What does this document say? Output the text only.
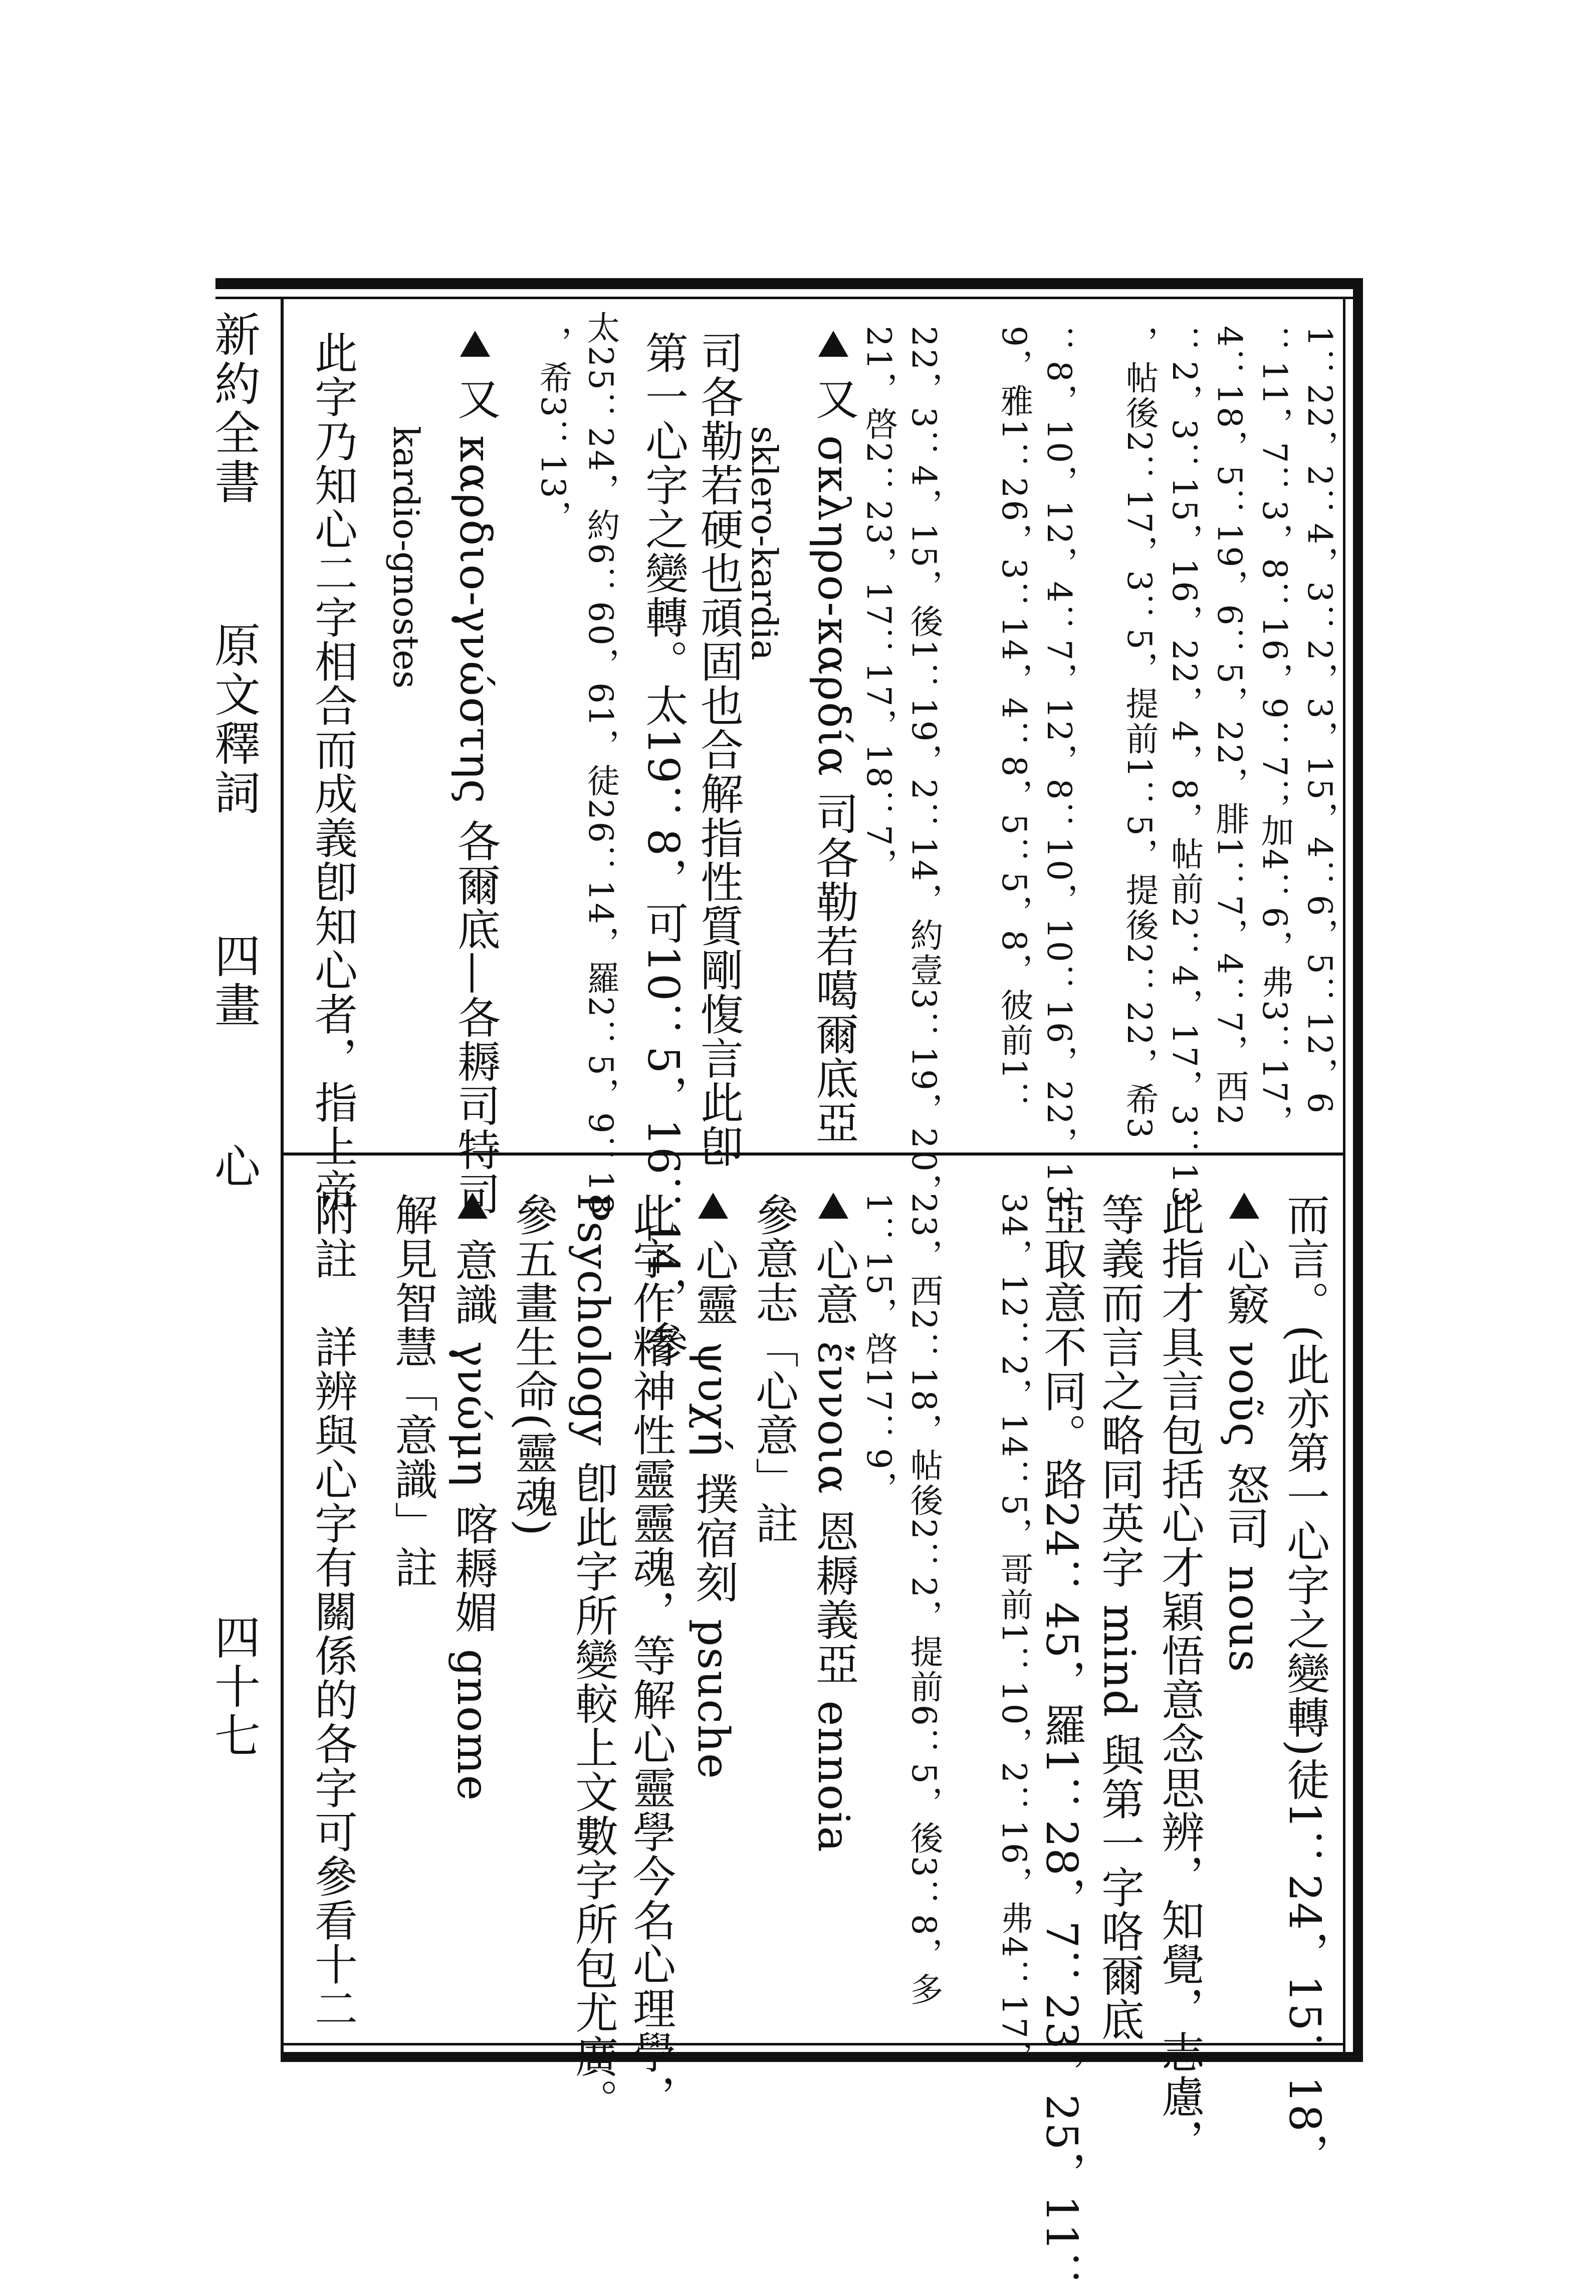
新約全書
原文釋詞
四畫
心
四十七
1：22，2：4，3：2，3，15，4：6，5：12，6
：11，7：3，8：16，9：7；加4：6，弗3：17，
4：18，5：19，6：5，22，腓1：7，4：7，西2
：2，3：15，16，22，4，8，帖前2：4，17，3：13
，帖後2：17，3：5，提前1：5，提後2：22，希3
：8，10，12，4：7，12，8：10，10：16，22，13：
9，雅1：26，3：14，4：8，5：5，8，彼前1：
22，3：4，15，後1：19，2：14，約壹3：19，20，
21，啓2：23，17：17，18：7，
又 σκληρο-καρδία 司各勒若噶爾底亞
sklero-kardia
司各勒若硬也頑固也合解指性質剛愎言此卽
第一心字之變轉。太19：8，可10：5，16：14，參
太25：24，約6：60，61，徒26：14，羅2：5，9：18
，希3：13，
又 καρδιο-γνώστης 各爾底—各耨司特司
kardio-gnostes
此字乃知心二字相合而成義卽知心者，指上帝
而言。(此亦第一心字之變轉)徒1：24，15：18，
心竅 νοῦς 怒司 nous
此指才具言包括心才穎悟意念思辨，知覺，志慮，
等義而言之略同英字 mind 與第一字咯爾底
亞取意不同。路24：45，羅1：28，7：23，25，11：
34，12：2，14：5，哥前1：10，2：16，弗4：17，
23，西2：18，帖後2：2，提前6：5，後3：8，多
1：15，啓17：9，
心意 ἔννοια 恩耨義亞 ennoia
參意志「心意」註
心靈 ψυχή 撲宿刻 psuche
此字作精神性靈靈魂，等解心靈學今名心理學，
Psychology 卽此字所變較上文數字所包尤廣。
參五畫生命(靈魂)
意識 γνώμη 喀耨媚 gnome
解見智慧「意識」註
附註　詳辨與心字有關係的各字可參看十二
